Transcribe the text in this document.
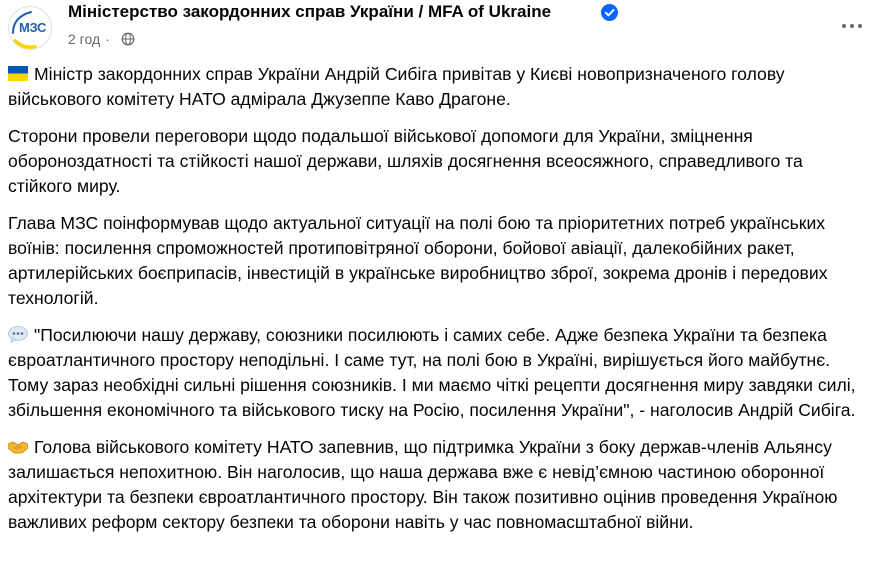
МЗС
Міністерство закордонних справ України / MFA of Ukraine
2 год ·

Міністр закордонних справ України Андрій Сибіга привітав у Києві новопризначеного голову військового комітету НАТО адмірала Джузеппе Каво Драгоне.

Сторони провели переговори щодо подальшої військової допомоги для України, зміцнення обороноздатності та стійкості нашої держави, шляхів досягнення всеосяжного, справедливого та стійкого миру.

Глава МЗС поінформував щодо актуальної ситуації на полі бою та пріоритетних потреб українських воїнів: посилення спроможностей протиповітряної оборони, бойової авіації, далекобійних ракет, артилерійських боєприпасів, інвестицій в українське виробництво зброї, зокрема дронів і передових технологій.

"Посилюючи нашу державу, союзники посилюють і самих себе. Адже безпека України та безпека євроатлантичного простору неподільні. І саме тут, на полі бою в Україні, вирішується його майбутнє. Тому зараз необхідні сильні рішення союзників. І ми маємо чіткі рецепти досягнення миру завдяки силі, збільшення економічного та військового тиску на Росію, посилення України", - наголосив Андрій Сибіга.

Голова військового комітету НАТО запевнив, що підтримка України з боку держав-членів Альянсу залишається непохитною. Він наголосив, що наша держава вже є невід’ємною частиною оборонної архітектури та безпеки євроатлантичного простору. Він також позитивно оцінив проведення Україною важливих реформ сектору безпеки та оборони навіть у час повномасштабної війни.
